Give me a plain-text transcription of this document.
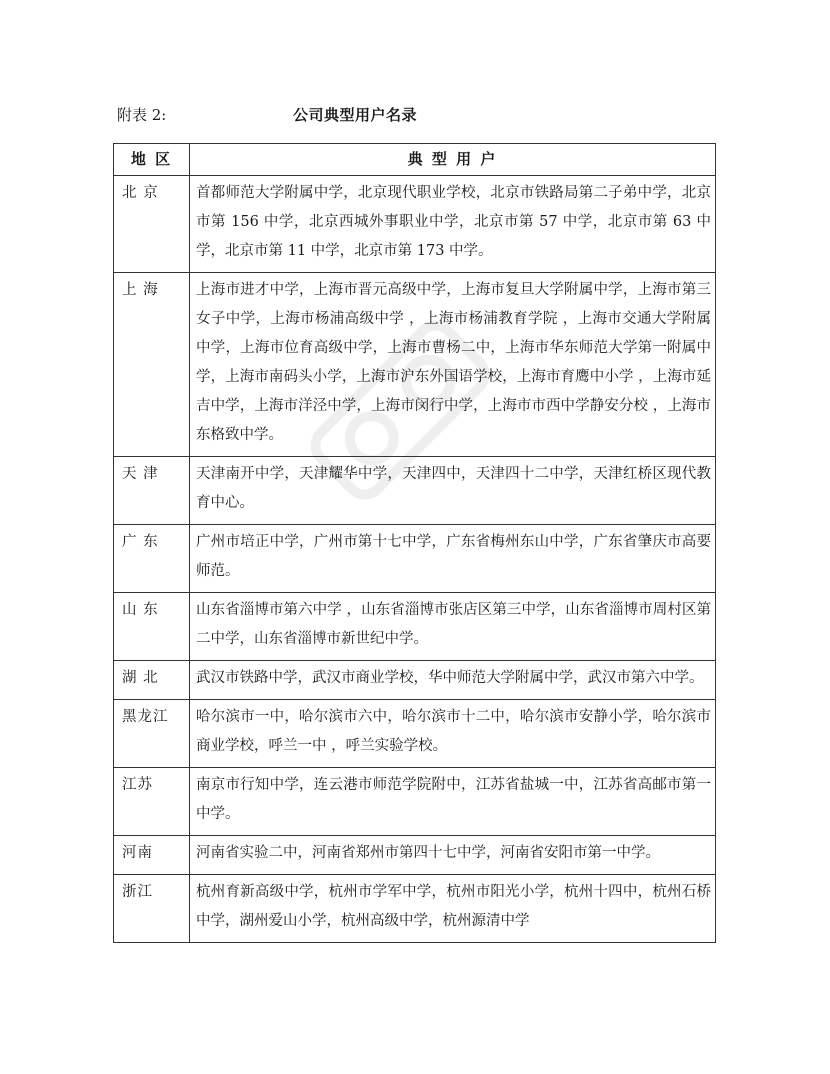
附表 2:	公司典型用户名录
地 区	典 型 用 户
北 京	首都师范大学附属中学，北京现代职业学校，北京市铁路局第二子弟中学，北京市第 156 中学，北京西城外事职业中学，北京市第 57 中学，北京市第 63 中学，北京市第 11 中学，北京市第 173 中学。
上 海	上海市进才中学，上海市晋元高级中学，上海市复旦大学附属中学，上海市第三女子中学，上海市杨浦高级中学 ，上海市杨浦教育学院 ，上海市交通大学附属中学，上海市位育高级中学，上海市曹杨二中，上海市华东师范大学第一附属中学，上海市南码头小学，上海市沪东外国语学校，上海市育鹰中小学 ，上海市延吉中学，上海市洋泾中学，上海市闵行中学，上海市市西中学静安分校 ，上海市东格致中学。
天 津	天津南开中学，天津耀华中学，天津四中，天津四十二中学，天津红桥区现代教育中心。
广 东	广州市培正中学，广州市第十七中学，广东省梅州东山中学，广东省肇庆市高要师范。
山 东	山东省淄博市第六中学 ，山东省淄博市张店区第三中学，山东省淄博市周村区第二中学，山东省淄博市新世纪中学。
湖 北	武汉市铁路中学，武汉市商业学校，华中师范大学附属中学，武汉市第六中学。
黑龙江	哈尔滨市一中，哈尔滨市六中，哈尔滨市十二中，哈尔滨市安静小学，哈尔滨市商业学校，呼兰一中 ，呼兰实验学校。
江苏	南京市行知中学，连云港市师范学院附中，江苏省盐城一中，江苏省高邮市第一中学。
河南	河南省实验二中，河南省郑州市第四十七中学，河南省安阳市第一中学。
浙江	杭州育新高级中学，杭州市学军中学，杭州市阳光小学，杭州十四中，杭州石桥中学，湖州爱山小学，杭州高级中学，杭州源清中学
